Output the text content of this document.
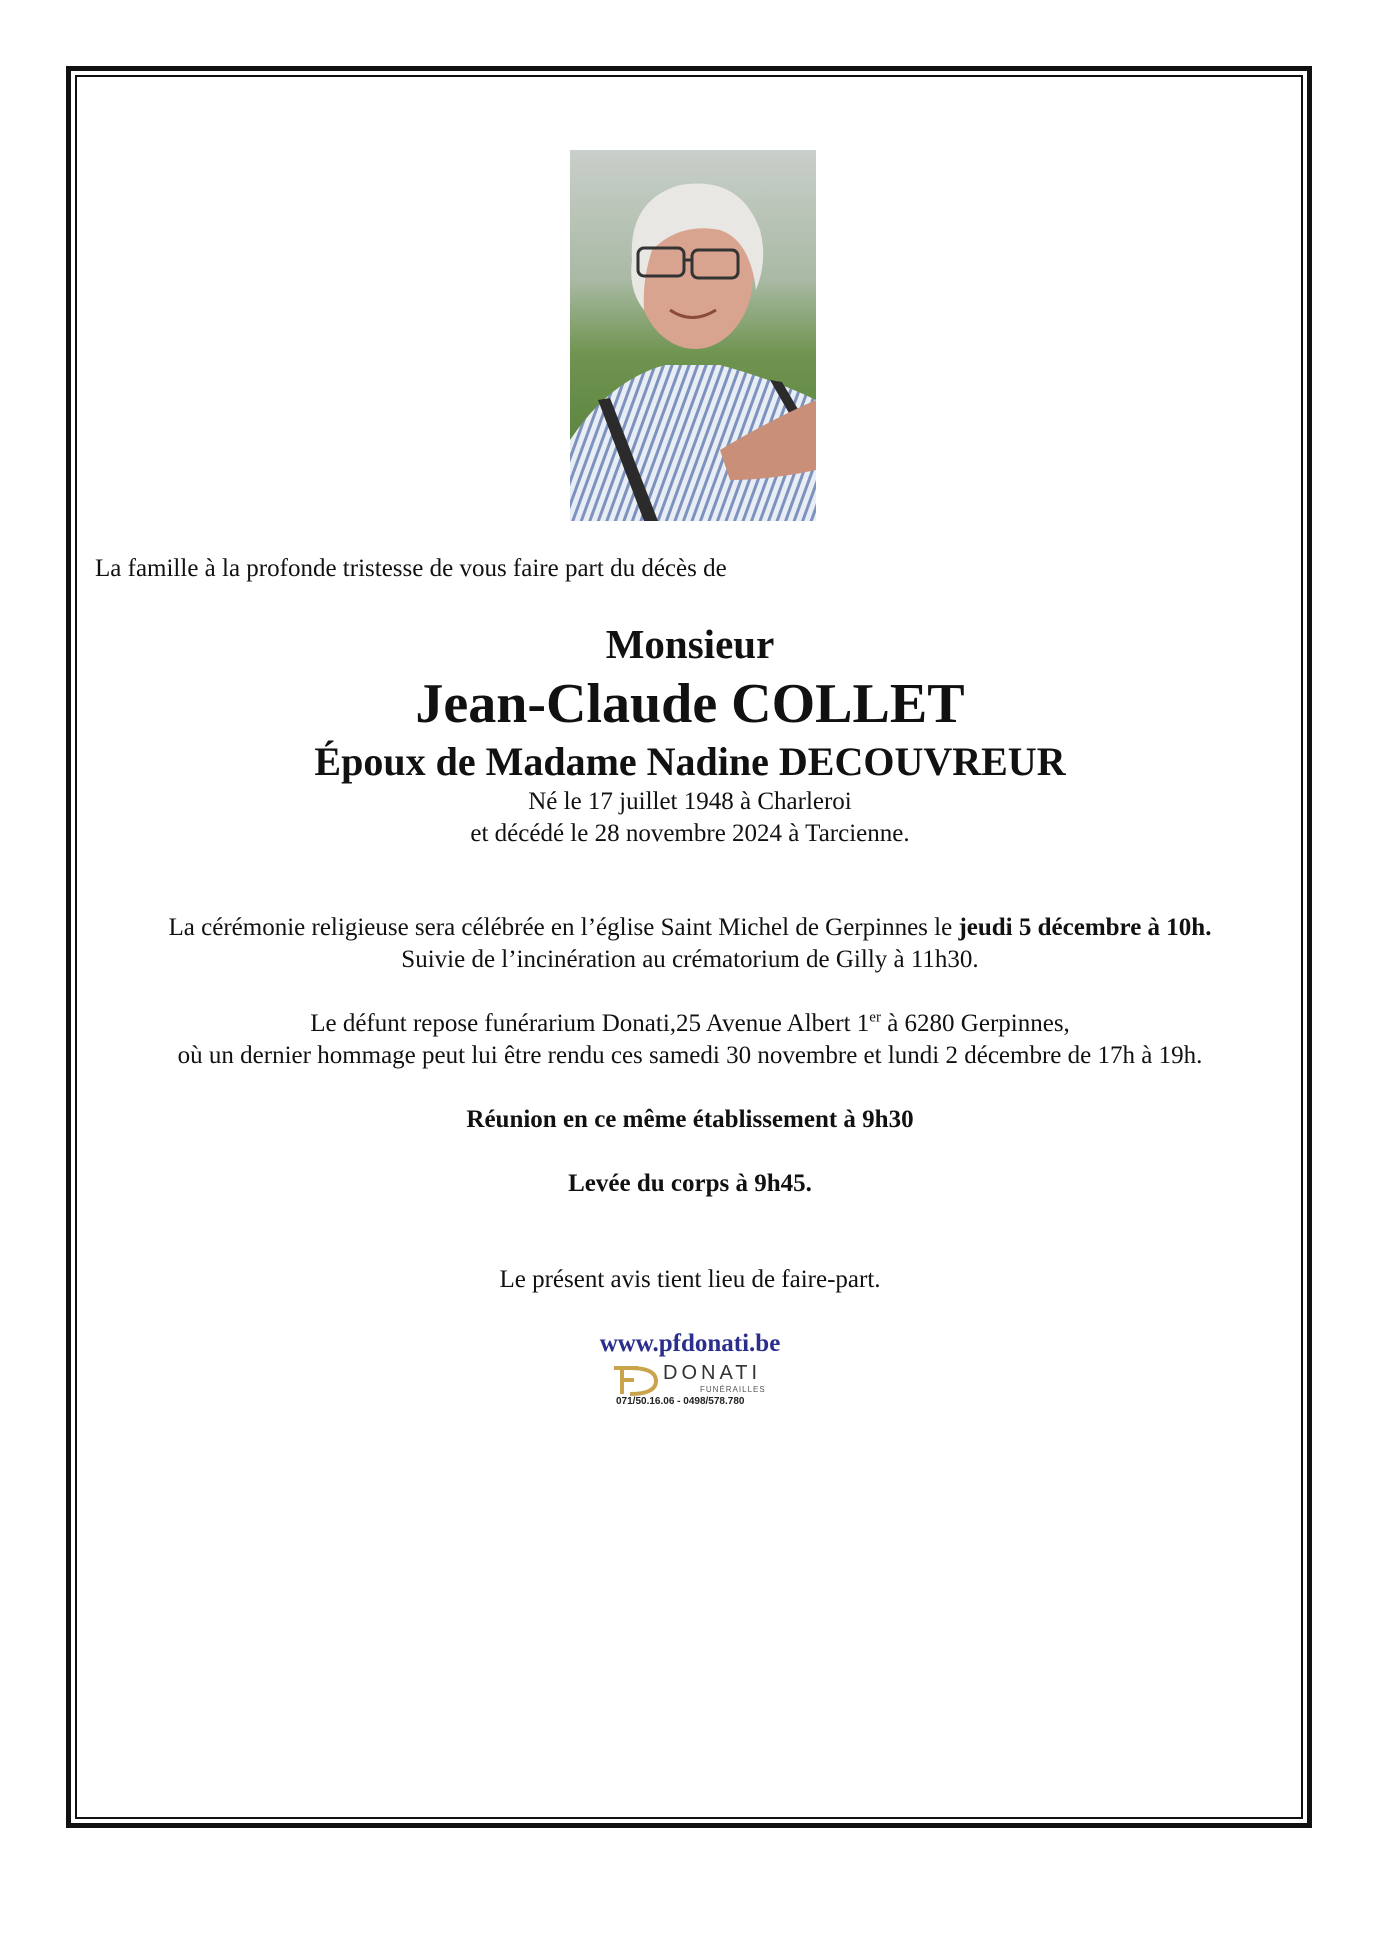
La famille à la profonde tristesse de vous faire part du décès de
Monsieur
Jean-Claude COLLET
Époux de Madame Nadine DECOUVREUR
Né le 17 juillet 1948 à Charleroi
et décédé le 28 novembre 2024 à Tarcienne.
La cérémonie religieuse sera célébrée en l’église Saint Michel de Gerpinnes le jeudi 5 décembre à 10h.
Suivie de l’incinération au crématorium de Gilly à 11h30.
Le défunt repose funérarium Donati,25 Avenue Albert 1er à 6280 Gerpinnes,
où un dernier hommage peut lui être rendu ces samedi 30 novembre et lundi 2 décembre de 17h à 19h.
Réunion en ce même établissement à 9h30
Levée du corps à 9h45.
Le présent avis tient lieu de faire-part.
www.pfdonati.be
DONATI
FUNÉRAILLES
071/50.16.06 - 0498/578.780
